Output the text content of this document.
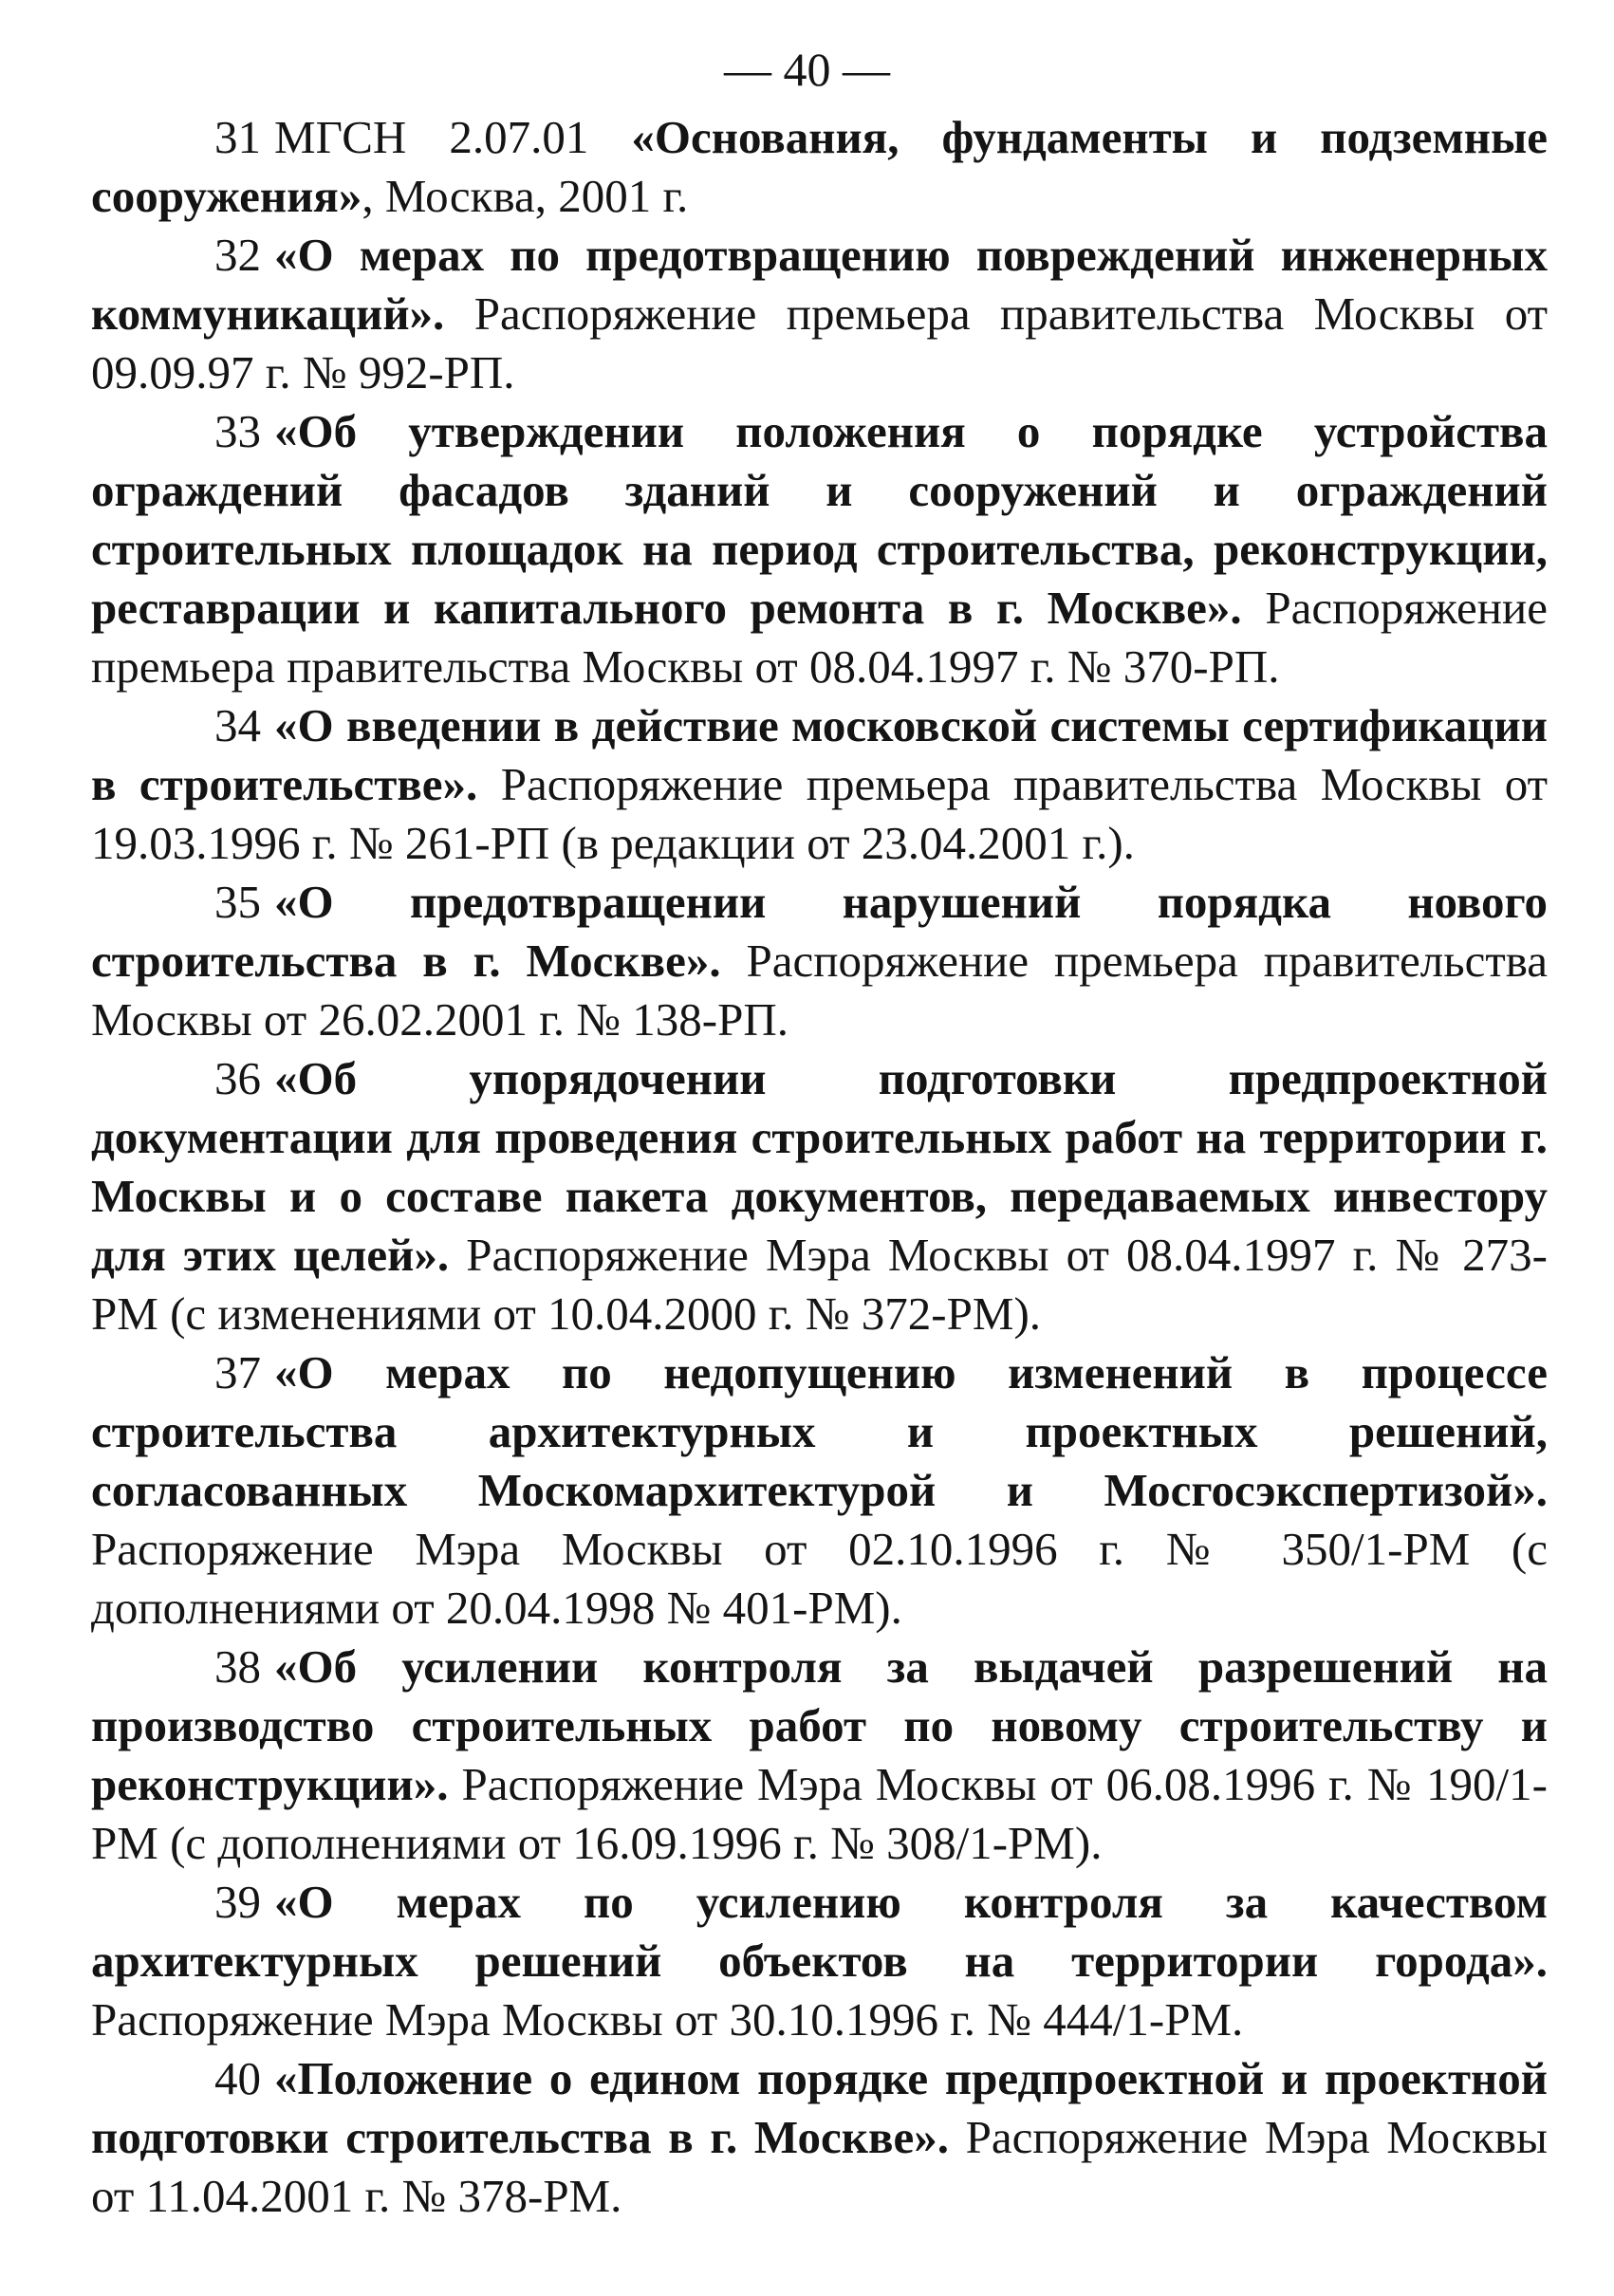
— 40 —

31 МГСН 2.07.01 «Основания, фундаменты и подземные сооружения», Москва, 2001 г.

32 «О мерах по предотвращению повреждений инженерных коммуникаций». Распоряжение премьера правительства Москвы от 09.09.97 г. № 992-РП.

33 «Об утверждении положения о порядке устройства ограждений фасадов зданий и сооружений и ограждений строительных площадок на период строительства, реконструкции, реставрации и капитального ремонта в г. Москве». Распоряжение премьера правительства Москвы от 08.04.1997 г. № 370-РП.

34 «О введении в действие московской системы сертификации в строительстве». Распоряжение премьера правительства Москвы от 19.03.1996 г. № 261-РП (в редакции от 23.04.2001 г.).

35 «О предотвращении нарушений порядка нового строительства в г. Москве». Распоряжение премьера правительства Москвы от 26.02.2001 г. № 138-РП.

36 «Об упорядочении подготовки предпроектной документации для проведения строительных работ на территории г. Москвы и о составе пакета документов, передаваемых инвестору для этих целей». Распоряжение Мэра Москвы от 08.04.1997 г. № 273-РМ (с изменениями от 10.04.2000 г. № 372-РМ).

37 «О мерах по недопущению изменений в процессе строительства архитектурных и проектных решений, согласованных Москомархитектурой и Мосгосэкспертизой». Распоряжение Мэра Москвы от 02.10.1996 г. № 350/1-РМ (с дополнениями от 20.04.1998 № 401-РМ).

38 «Об усилении контроля за выдачей разрешений на производство строительных работ по новому строительству и реконструкции». Распоряжение Мэра Москвы от 06.08.1996 г. № 190/1-РМ (с дополнениями от 16.09.1996 г. № 308/1-РМ).

39 «О мерах по усилению контроля за качеством архитектурных решений объектов на территории города». Распоряжение Мэра Москвы от 30.10.1996 г. № 444/1-РМ.

40 «Положение о едином порядке предпроектной и проектной подготовки строительства в г. Москве». Распоряжение Мэра Москвы от 11.04.2001 г. № 378-РМ.
